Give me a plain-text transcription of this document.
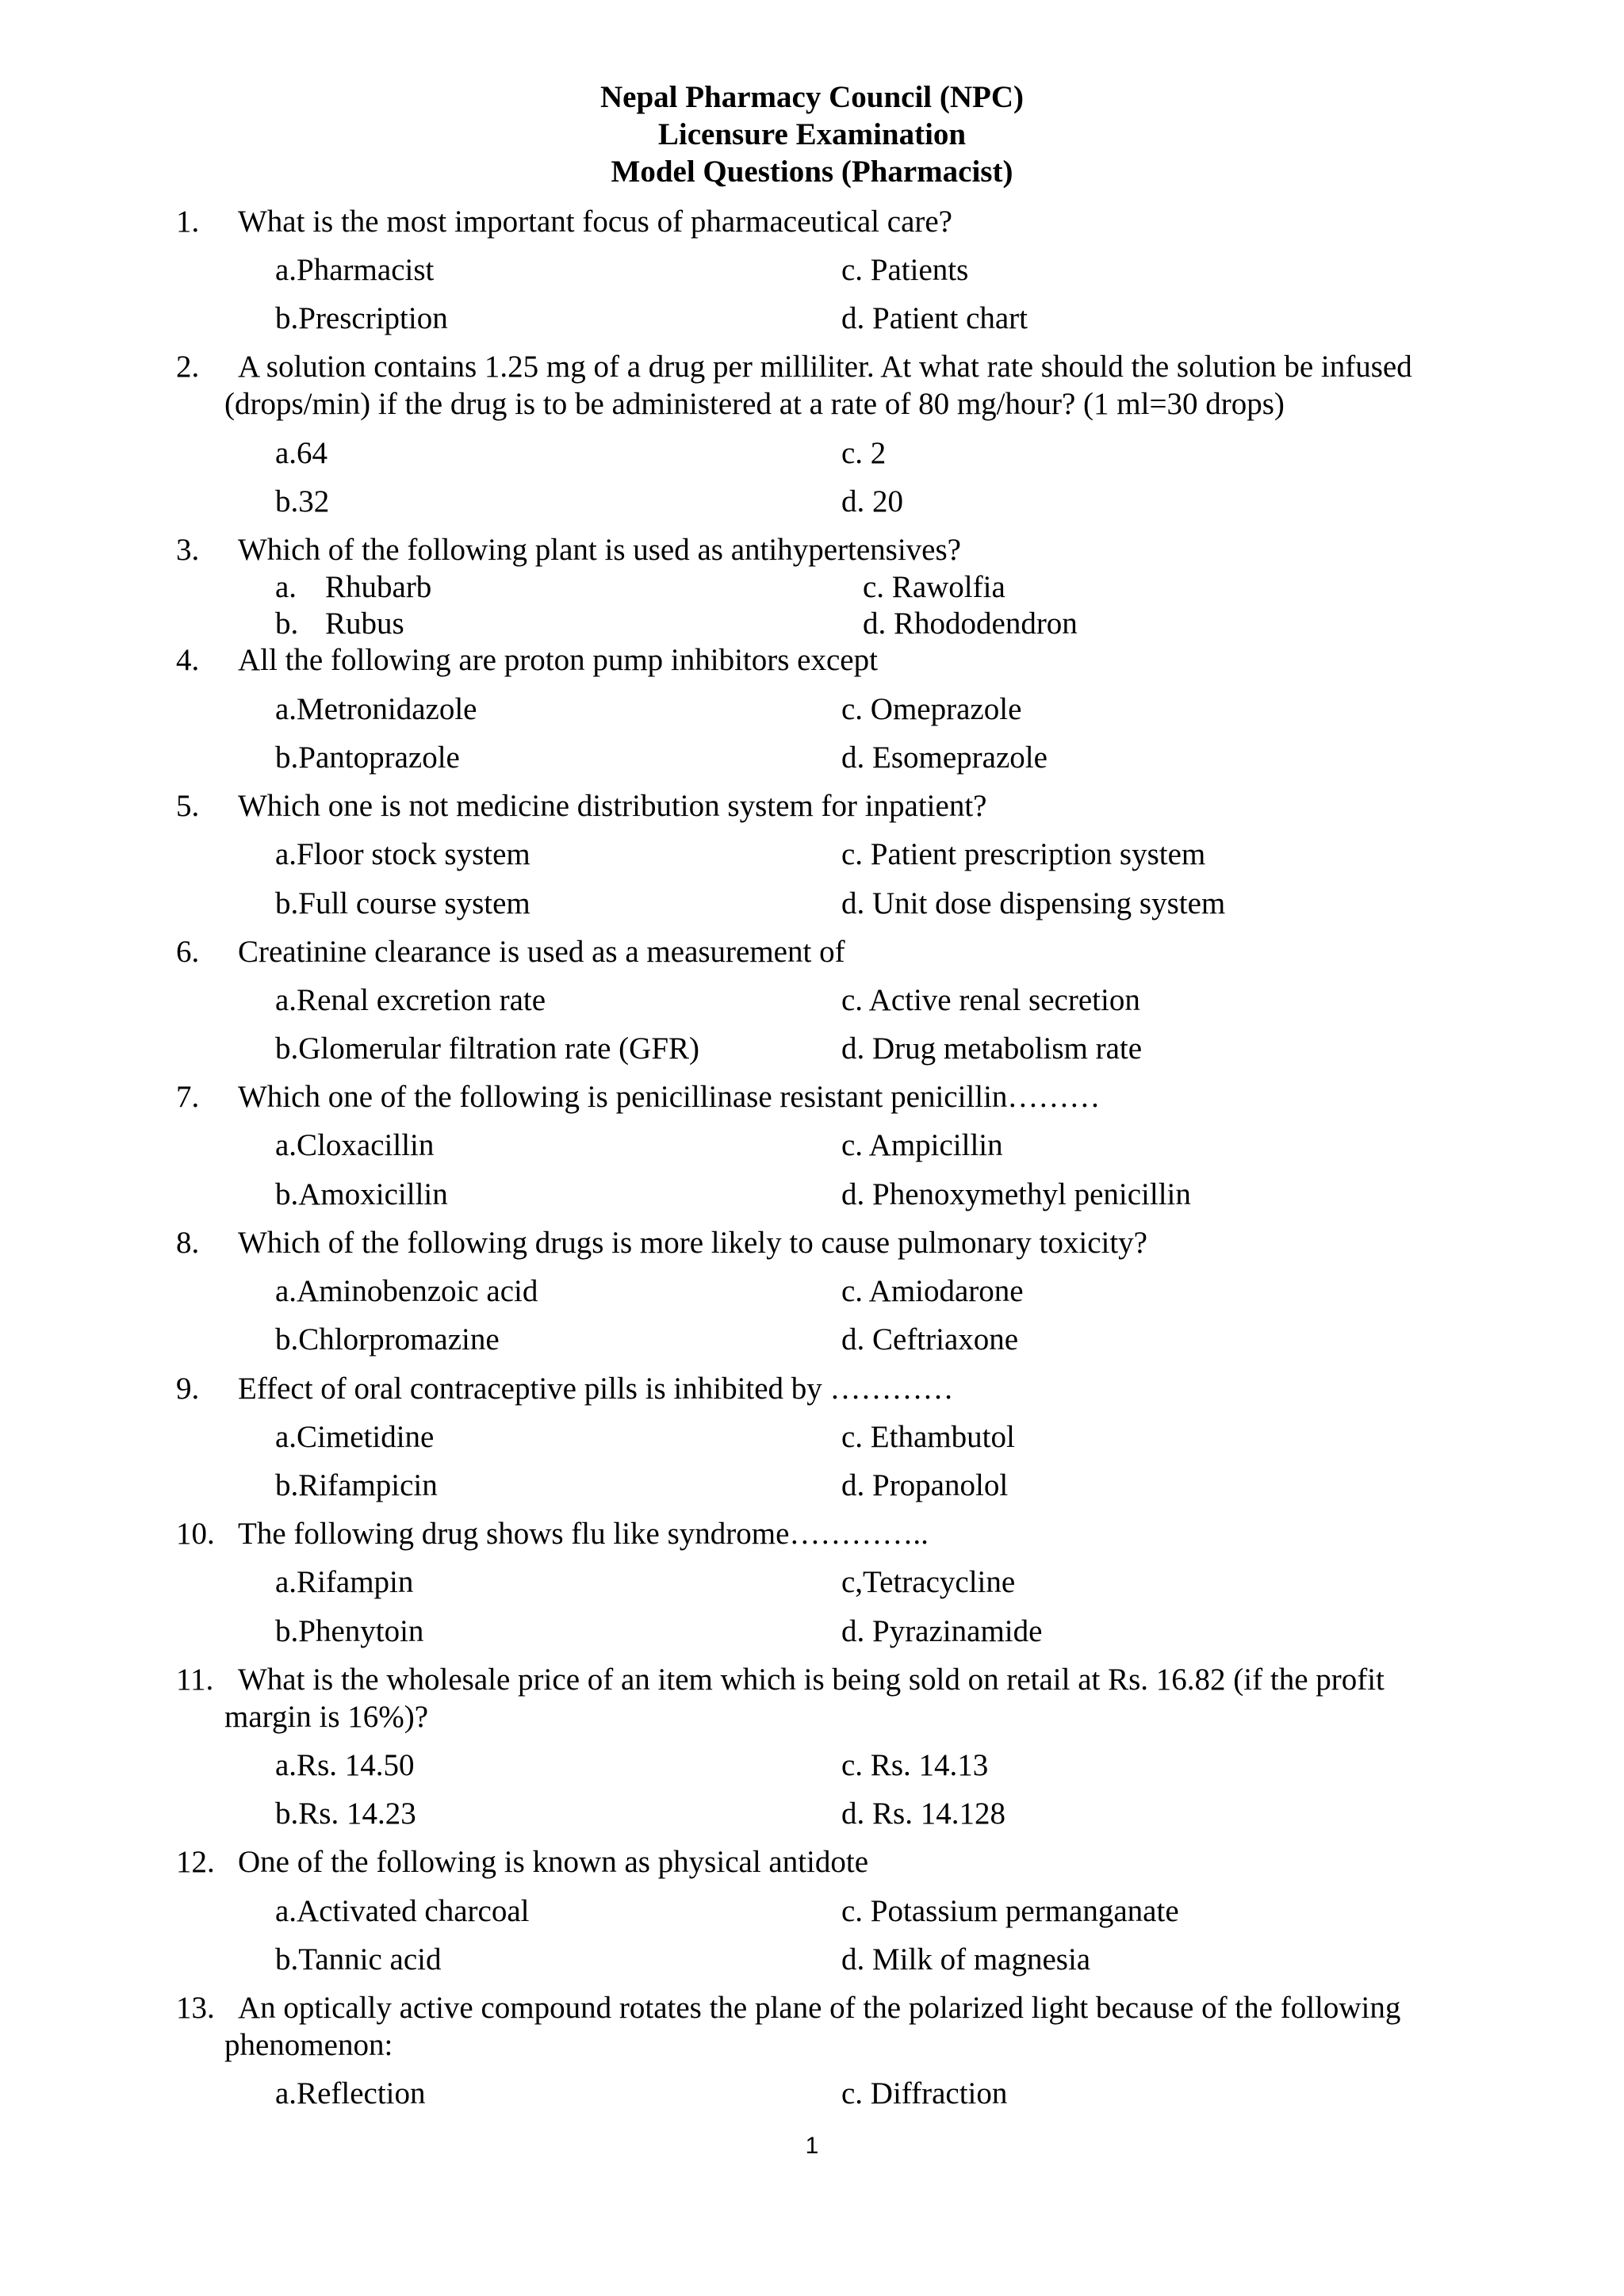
Nepal Pharmacy Council (NPC)
Licensure Examination
Model Questions (Pharmacist)
1. What is the most important focus of pharmaceutical care?
a.Pharmacist	c. Patients
b.Prescription	d. Patient chart
2. A solution contains 1.25 mg of a drug per milliliter. At what rate should the solution be infused
(drops/min) if the drug is to be administered at a rate of 80 mg/hour? (1 ml=30 drops)
a.64	c. 2
b.32	d. 20
3. Which of the following plant is used as antihypertensives?
a. Rhubarb	c. Rawolfia
b. Rubus	d. Rhododendron
4. All the following are proton pump inhibitors except
a.Metronidazole	c. Omeprazole
b.Pantoprazole	d. Esomeprazole
5. Which one is not medicine distribution system for inpatient?
a.Floor stock system	c. Patient prescription system
b.Full course system	d. Unit dose dispensing system
6. Creatinine clearance is used as a measurement of
a.Renal excretion rate	c. Active renal secretion
b.Glomerular filtration rate (GFR)	d. Drug metabolism rate
7. Which one of the following is penicillinase resistant penicillin………
a.Cloxacillin	c. Ampicillin
b.Amoxicillin	d. Phenoxymethyl penicillin
8. Which of the following drugs is more likely to cause pulmonary toxicity?
a.Aminobenzoic acid	c. Amiodarone
b.Chlorpromazine	d. Ceftriaxone
9. Effect of oral contraceptive pills is inhibited by …………
a.Cimetidine	c. Ethambutol
b.Rifampicin	d. Propanolol
10. The following drug shows flu like syndrome…………..
a.Rifampin	c,Tetracycline
b.Phenytoin	d. Pyrazinamide
11. What is the wholesale price of an item which is being sold on retail at Rs. 16.82 (if the profit
margin is 16%)?
a.Rs. 14.50	c. Rs. 14.13
b.Rs. 14.23	d. Rs. 14.128
12. One of the following is known as physical antidote
a.Activated charcoal	c. Potassium permanganate
b.Tannic acid	d. Milk of magnesia
13. An optically active compound rotates the plane of the polarized light because of the following
phenomenon:
a.Reflection	c. Diffraction
1
